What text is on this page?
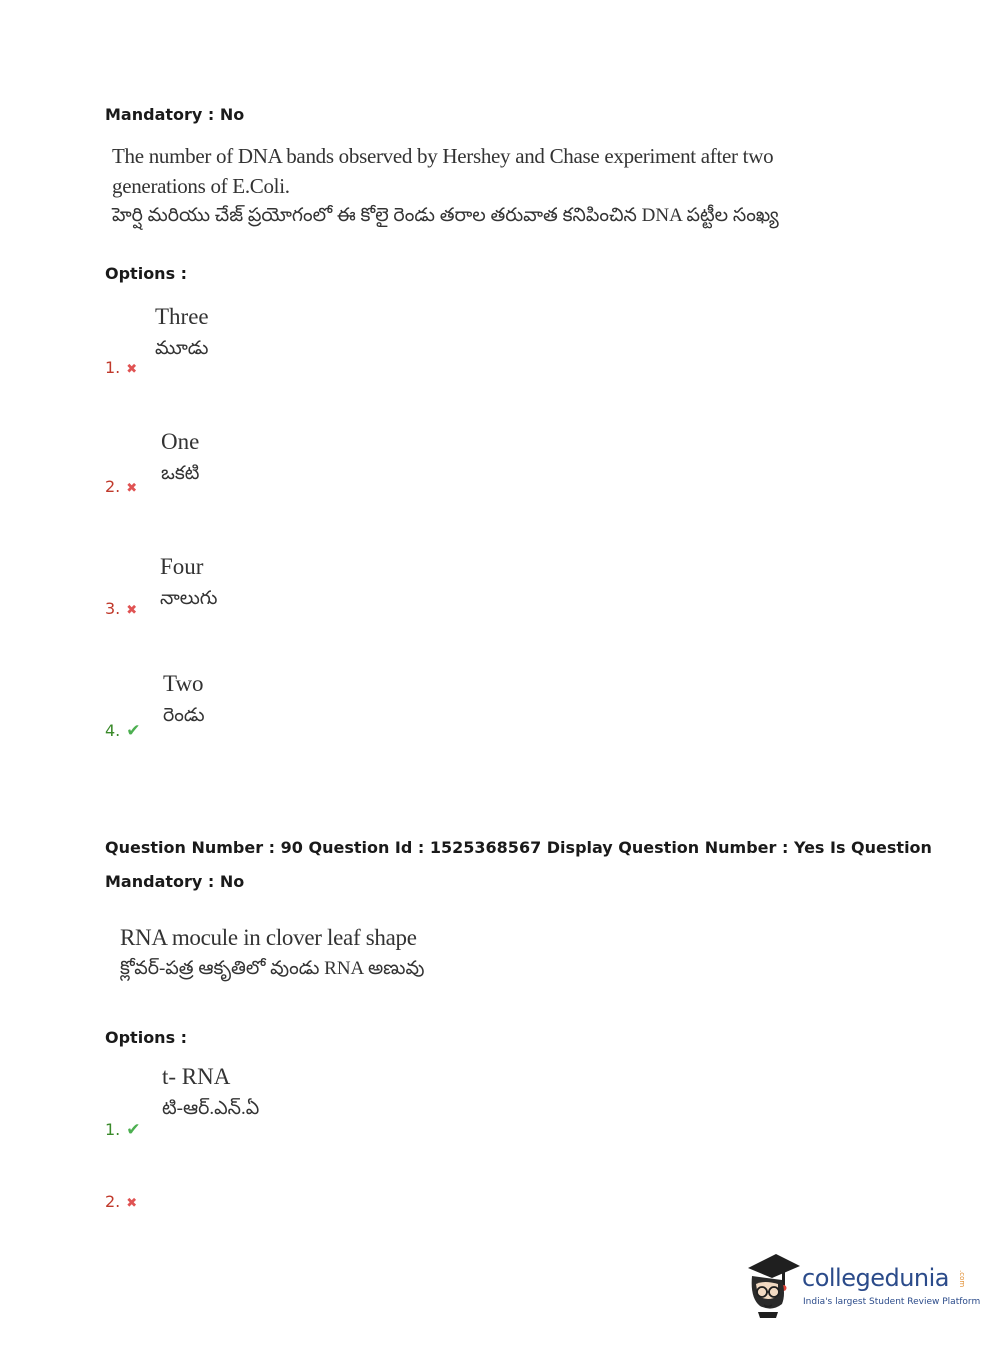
Mandatory : No
The number of DNA bands observed by Hershey and Chase experiment after two
generations of E.Coli.
హెర్షి మరియు చేజ్ ప్రయోగంలో ఈ కోలై రెండు తరాల తరువాత కనిపించిన DNA పట్టీల సంఖ్య
Options :
Three
మూడు
1. ✖
One
ఒకటి
2. ✖
Four
నాలుగు
3. ✖
Two
రెండు
4. ✔
Question Number : 90 Question Id : 1525368567 Display Question Number : Yes Is Question
Mandatory : No
RNA mocule in clover leaf shape
క్లోవర్-పత్ర ఆకృతిలో వుండు RNA అణువు
Options :
t- RNA
టి-ఆర్.ఎన్.ఏ
1. ✔
2. ✖
collegedunia .com
India's largest Student Review Platform
